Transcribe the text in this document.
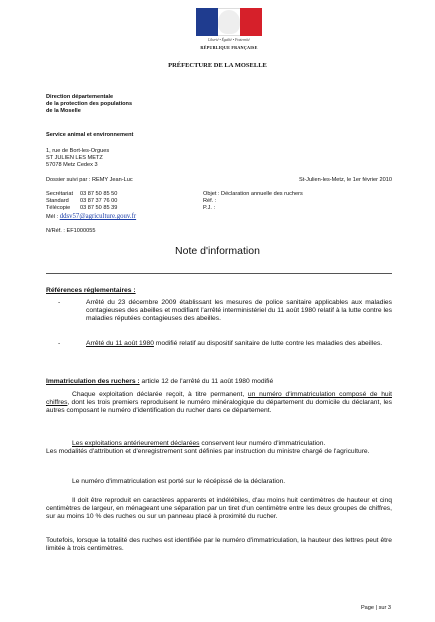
Liberté • Égalité • Fraternité
RÉPUBLIQUE FRANÇAISE
PRÉFECTURE DE LA MOSELLE
Direction départementale
de la protection des populations
de la Moselle
Service animal et environnement
1, rue de Bort-les-Orgues
ST JULIEN LES METZ
57078 Metz Cedex 3
Dossier suivi par : REMY Jean-Luc	St-Julien-les-Metz, le 1er février 2010
Secrétariat 03 87 50 85 50
Standard 03 87 37 76 00
Télécopie 03 87 50 85 39
Mél : ddsv57@agriculture.gouv.fr
N/Réf. : EF1000055
Objet : Déclaration annuelle des ruchers
Réf. :
P.J. :
Note d'information
Références réglementaires :
-	Arrêté du 23 décembre 2009 établissant les mesures de police sanitaire applicables aux maladies contagieuses des abeilles et modifiant l'arrêté interministériel du 11 août 1980 relatif à la lutte contre les maladies réputées contagieuses des abeilles.
-	Arrêté du 11 août 1980 modifié relatif au dispositif sanitaire de lutte contre les maladies des abeilles.
Immatriculation des ruchers : article 12 de l'arrêté du 11 août 1980 modifié
Chaque exploitation déclarée reçoit, à titre permanent, un numéro d'immatriculation composé de huit chiffres, dont les trois premiers reproduisent le numéro minéralogique du département du domicile du déclarant, les autres composant le numéro d'identification du rucher dans ce département.
Les exploitations antérieurement déclarées conservent leur numéro d'immatriculation.
Les modalités d'attribution et d'enregistrement sont définies par instruction du ministre chargé de l'agriculture.
Le numéro d'immatriculation est porté sur le récépissé de la déclaration.
Il doit être reproduit en caractères apparents et indélébiles, d'au moins huit centimètres de hauteur et cinq centimètres de largeur, en ménageant une séparation par un tiret d'un centimètre entre les deux groupes de chiffres, sur au moins 10 % des ruches ou sur un panneau placé à proximité du rucher.
Toutefois, lorsque la totalité des ruches est identifiée par le numéro d'immatriculation, la hauteur des lettres peut être limitée à trois centimètres.
Page | sur 3
